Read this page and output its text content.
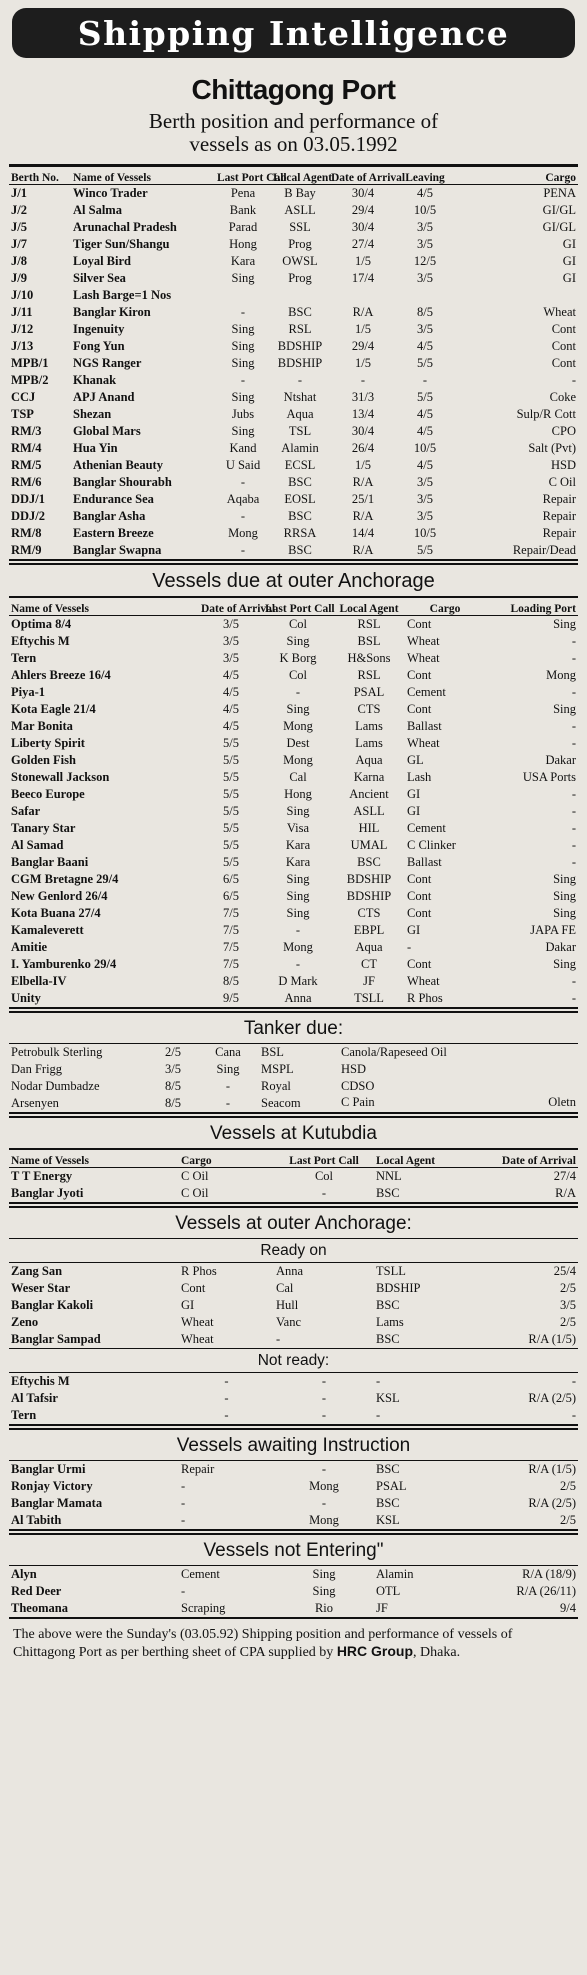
Shipping Intelligence
Chittagong Port
Berth position and performance of
vessels as on 03.05.1992
Berth No.	Name of Vessels	Last Port Call	Local Agent	Date of Arrival	Leaving	Cargo
J/1	Winco Trader	Pena	B Bay	30/4	4/5	PENA
J/2	Al Salma	Bank	ASLL	29/4	10/5	GI/GL
J/5	Arunachal Pradesh	Parad	SSL	30/4	3/5	GI/GL
J/7	Tiger Sun/Shangu	Hong	Prog	27/4	3/5	GI
J/8	Loyal Bird	Kara	OWSL	1/5	12/5	GI
J/9	Silver Sea	Sing	Prog	17/4	3/5	GI
J/10	Lash Barge=1 Nos					
J/11	Banglar Kiron	-	BSC	R/A	8/5	Wheat
J/12	Ingenuity	Sing	RSL	1/5	3/5	Cont
J/13	Fong Yun	Sing	BDSHIP	29/4	4/5	Cont
MPB/1	NGS Ranger	Sing	BDSHIP	1/5	5/5	Cont
MPB/2	Khanak	-	-	-	-	-
CCJ	APJ Anand	Sing	Ntshat	31/3	5/5	Coke
TSP	Shezan	Jubs	Aqua	13/4	4/5	Sulp/R Cott
RM/3	Global Mars	Sing	TSL	30/4	4/5	CPO
RM/4	Hua Yin	Kand	Alamin	26/4	10/5	Salt (Pvt)
RM/5	Athenian Beauty	U Said	ECSL	1/5	4/5	HSD
RM/6	Banglar Shourabh	-	BSC	R/A	3/5	C Oil
DDJ/1	Endurance Sea	Aqaba	EOSL	25/1	3/5	Repair
DDJ/2	Banglar Asha	-	BSC	R/A	3/5	Repair
RM/8	Eastern Breeze	Mong	RRSA	14/4	10/5	Repair
RM/9	Banglar Swapna	-	BSC	R/A	5/5	Repair/Dead
Vessels due at outer Anchorage
Name of Vessels	Date of Arrival	Last Port Call	Local Agent	Cargo	Loading Port
Optima 8/4	3/5	Col	RSL	Cont	Sing
Eftychis M	3/5	Sing	BSL	Wheat	-
Tern	3/5	K Borg	H&Sons	Wheat	-
Ahlers Breeze 16/4	4/5	Col	RSL	Cont	Mong
Piya-1	4/5	-	PSAL	Cement	-
Kota Eagle 21/4	4/5	Sing	CTS	Cont	Sing
Mar Bonita	4/5	Mong	Lams	Ballast	-
Liberty Spirit	5/5	Dest	Lams	Wheat	-
Golden Fish	5/5	Mong	Aqua	GL	Dakar
Stonewall Jackson	5/5	Cal	Karna	Lash	USA Ports
Beeco Europe	5/5	Hong	Ancient	GI	-
Safar	5/5	Sing	ASLL	GI	-
Tanary Star	5/5	Visa	HIL	Cement	-
Al Samad	5/5	Kara	UMAL	C Clinker	-
Banglar Baani	5/5	Kara	BSC	Ballast	-
CGM Bretagne 29/4	6/5	Sing	BDSHIP	Cont	Sing
New Genlord 26/4	6/5	Sing	BDSHIP	Cont	Sing
Kota Buana 27/4	7/5	Sing	CTS	Cont	Sing
Kamaleverett	7/5	-	EBPL	GI	JAPA FE
Amitie	7/5	Mong	Aqua	-	Dakar
I. Yamburenko 29/4	7/5	-	CT	Cont	Sing
Elbella-IV	8/5	D Mark	JF	Wheat	-
Unity	9/5	Anna	TSLL	R Phos	-
Tanker due:
Petrobulk Sterling	2/5	Cana	BSL	Canola/Rapeseed Oil
Dan Frigg	3/5	Sing	MSPL	HSD
Nodar Dumbadze	8/5	-	Royal	CDSO
Arsenyen	8/5	-	Seacom		C Pain	Oletn
Vessels at Kutubdia
Name of Vessels	Cargo	Last Port Call	Local Agent	Date of Arrival
T T Energy	C Oil	Col	NNL	27/4
Banglar Jyoti	C Oil	-	BSC	R/A
Vessels at outer Anchorage:
Ready on
Zang San	R Phos	Anna	TSLL	25/4
Weser Star	Cont	Cal	BDSHIP	2/5
Banglar Kakoli	GI	Hull	BSC	3/5
Zeno	Wheat	Vanc	Lams	2/5
Banglar Sampad	Wheat	-	BSC	R/A (1/5)
Not ready:
Eftychis M	-	-	-	-
Al Tafsir	-	-	KSL	R/A (2/5)
Tern	-	-	-	-
Vessels awaiting Instruction
Banglar Urmi	Repair	-	BSC	R/A (1/5)
Ronjay Victory	-	Mong	PSAL	2/5
Banglar Mamata	-	-	BSC	R/A (2/5)
Al Tabith	-	Mong	KSL	2/5
Vessels not Entering"
Alyn	Cement	Sing	Alamin	R/A (18/9)
Red Deer	-	Sing	OTL	R/A (26/11)
Theomana	Scraping	Rio	JF	9/4
The above were the Sunday's (03.05.92) Shipping position and performance of vessels of Chittagong Port as per berthing sheet of CPA supplied by HRC Group, Dhaka.
